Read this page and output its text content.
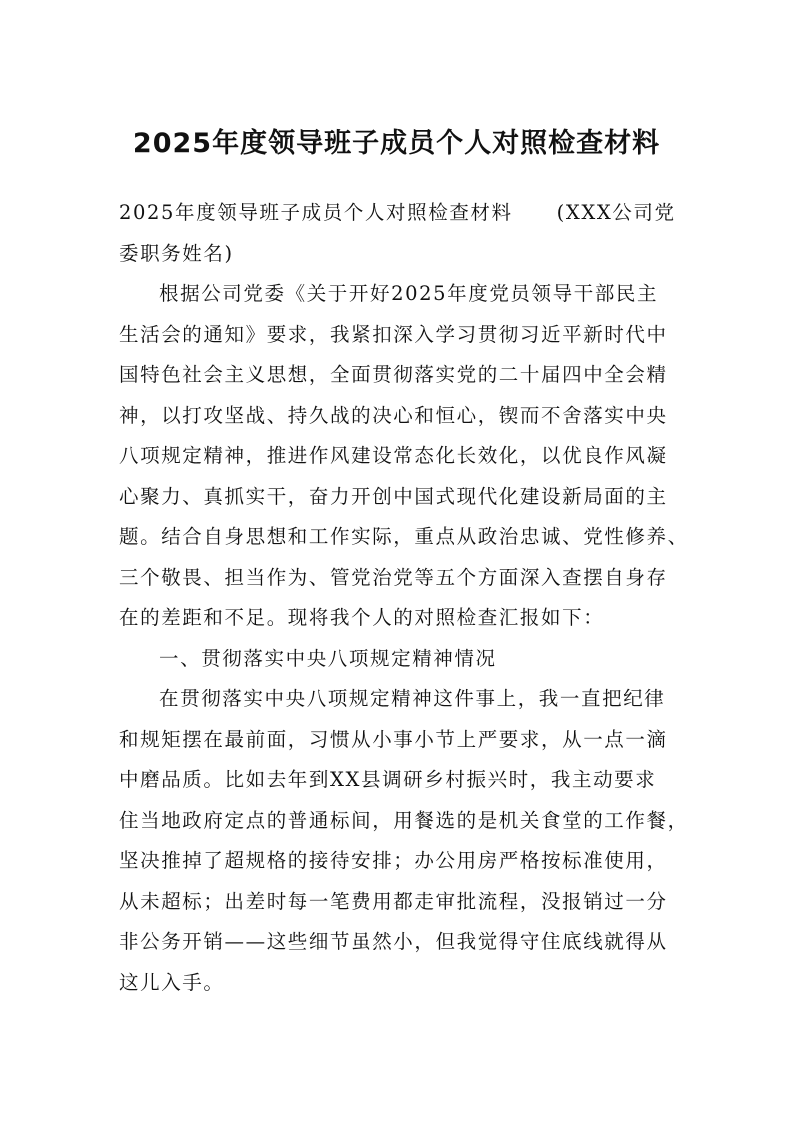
2025年度领导班子成员个人对照检查材料
2025年度领导班子成员个人对照检查材料 (XXX公司党
委职务姓名)
根据公司党委《关于开好2025年度党员领导干部民主
生活会的通知》要求，我紧扣深入学习贯彻习近平新时代中
国特色社会主义思想，全面贯彻落实党的二十届四中全会精
神，以打攻坚战、持久战的决心和恒心，锲而不舍落实中央
八项规定精神，推进作风建设常态化长效化，以优良作风凝
心聚力、真抓实干，奋力开创中国式现代化建设新局面的主
题。结合自身思想和工作实际，重点从政治忠诚、党性修养、
三个敬畏、担当作为、管党治党等五个方面深入查摆自身存
在的差距和不足。现将我个人的对照检查汇报如下：
一、贯彻落实中央八项规定精神情况
在贯彻落实中央八项规定精神这件事上，我一直把纪律
和规矩摆在最前面，习惯从小事小节上严要求，从一点一滴
中磨品质。比如去年到XX县调研乡村振兴时，我主动要求
住当地政府定点的普通标间，用餐选的是机关食堂的工作餐，
坚决推掉了超规格的接待安排；办公用房严格按标准使用，
从未超标；出差时每一笔费用都走审批流程，没报销过一分
非公务开销——这些细节虽然小，但我觉得守住底线就得从
这儿入手。
